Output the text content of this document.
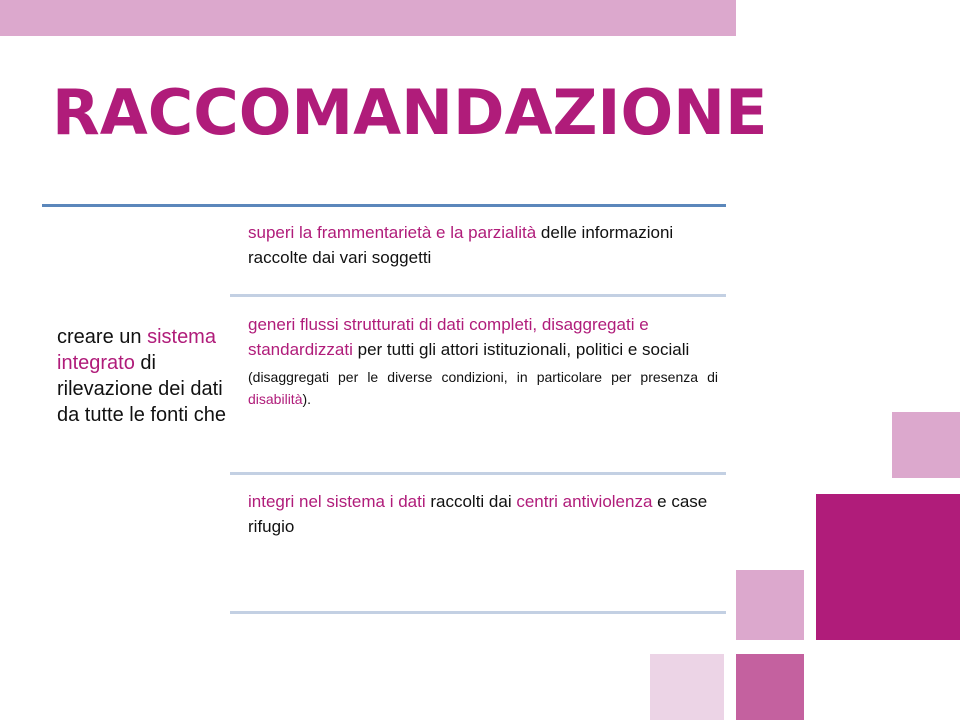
RACCOMANDAZIONE
creare un sistema integrato di rilevazione dei dati da tutte le fonti che
superi la frammentarietà e la parzialità delle informazioni raccolte dai vari soggetti
generi flussi strutturati di dati completi, disaggregati e standardizzati per tutti gli attori istituzionali, politici e sociali
(disaggregati per le diverse condizioni, in particolare per presenza di disabilità).
integri nel sistema i dati raccolti dai centri antiviolenza e case rifugio
